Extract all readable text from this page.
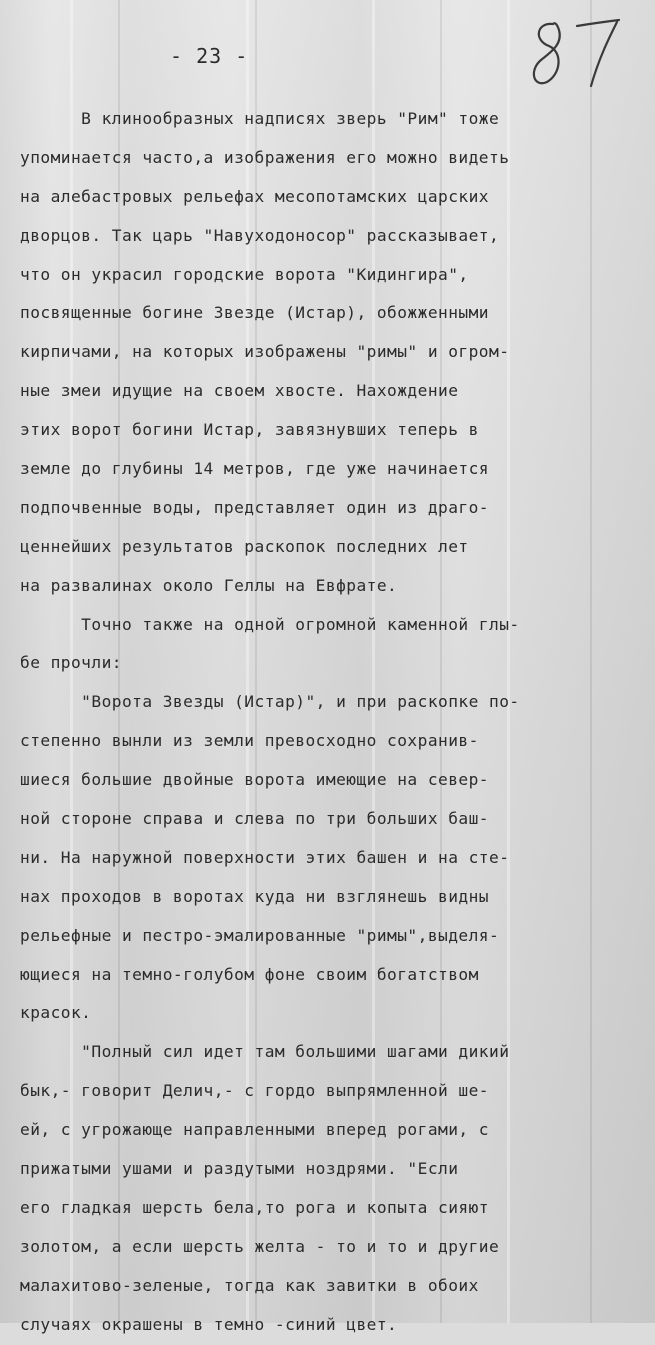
- 23 -
В клинообразных надписях зверь "Рим" тоже
упоминается часто,а изображения его можно видеть
на алебастровых рельефах месопотамских царских
дворцов. Так царь "Навуходоносор" рассказывает,
что он украсил городские ворота "Кидингира",
посвященные богине Звезде (Истар), обожженными
кирпичами, на которых изображены "римы" и огром-
ные змеи идущие на своем хвосте. Нахождение
этих ворот богини Истар, завязнувших теперь в
земле до глубины 14 метров, где уже начинается
подпочвенные воды, представляет один из драго-
ценнейших результатов раскопок последних лет
на развалинах около Геллы на Евфрате.
Точно также на одной огромной каменной глы-
бе прочли:
"Ворота Звезды (Истар)", и при раскопке по-
степенно вынли из земли превосходно сохранив-
шиеся большие двойные ворота имеющие на север-
ной стороне справа и слева по три больших баш-
ни. На наружной поверхности этих башен и на сте-
нах проходов в воротах куда ни взглянешь видны
рельефные и пестро-эмалированные "римы",выделя-
ющиеся на темно-голубом фоне своим богатством
красок.
"Полный сил идет там большими шагами дикий
бык,- говорит Делич,- с гордо выпрямленной ше-
ей, с угрожающе направленными вперед рогами, с
прижатыми ушами и раздутыми ноздрями. "Если
его гладкая шерсть бела,то рога и копыта сияют
золотом, а если шерсть желта - то и то и другие
малахитово-зеленые, тогда как завитки в обоих
случаях окрашены в темно -синий цвет.
